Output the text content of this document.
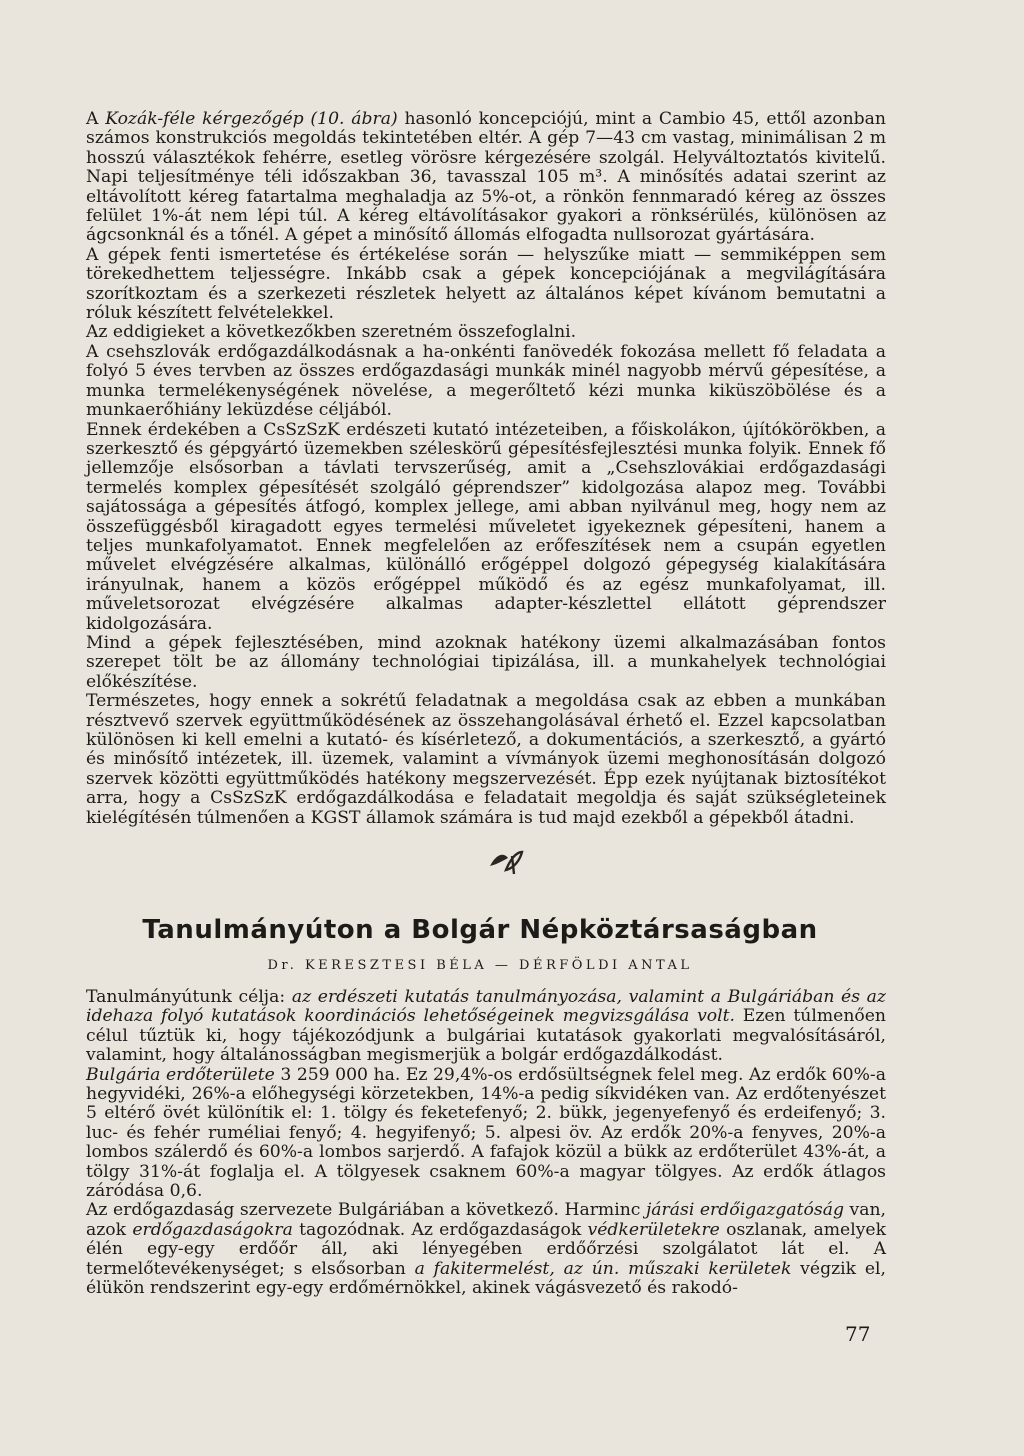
A Kozák-féle kérgezőgép (10. ábra) hasonló koncepciójú, mint a Cambio 45, ettől azonban számos konstrukciós megoldás tekintetében eltér. A gép 7—43 cm vastag, minimálisan 2 m hosszú választékok fehérre, esetleg vörösre kérgezésére szolgál. Helyváltoztatós kivitelű. Napi teljesítménye téli időszakban 36, tavasszal 105 m³. A minősítés adatai szerint az eltávolított kéreg fatartalma meghaladja az 5%-ot, a rönkön fennmaradó kéreg az összes felület 1%-át nem lépi túl. A kéreg eltávolításakor gyakori a rönksérülés, különösen az ágcsonknál és a tőnél. A gépet a minősítő állomás elfogadta nullsorozat gyártására.

A gépek fenti ismertetése és értékelése során — helyszűke miatt — semmiképpen sem törekedhettem teljességre. Inkább csak a gépek koncepciójának a megvilágítására szorítkoztam és a szerkezeti részletek helyett az általános képet kívánom bemutatni a róluk készített felvételekkel.

Az eddigieket a következőkben szeretném összefoglalni.

A csehszlovák erdőgazdálkodásnak a ha-onkénti fanövedék fokozása mellett fő feladata a folyó 5 éves tervben az összes erdőgazdasági munkák minél nagyobb mérvű gépesítése, a munka termelékenységének növelése, a megerőltető kézi munka kiküszöbölése és a munkaerőhiány leküzdése céljából.

Ennek érdekében a CsSzSzK erdészeti kutató intézeteiben, a főiskolákon, újítókörökben, a szerkesztő és gépgyártó üzemekben széleskörű gépesítésfejlesztési munka folyik. Ennek fő jellemzője elsősorban a távlati tervszerűség, amit a „Csehszlovákiai erdőgazdasági termelés komplex gépesítését szolgáló géprendszer” kidolgozása alapoz meg. További sajátossága a gépesítés átfogó, komplex jellege, ami abban nyilvánul meg, hogy nem az összefüggésből kiragadott egyes termelési műveletet igyekeznek gépesíteni, hanem a teljes munkafolyamatot. Ennek megfelelően az erőfeszítések nem a csupán egyetlen művelet elvégzésére alkalmas, különálló erőgéppel dolgozó gépegység kialakítására irányulnak, hanem a közös erőgéppel működő és az egész munkafolyamat, ill. műveletsorozat elvégzésére alkalmas adapter-készlettel ellátott géprendszer kidolgozására.

Mind a gépek fejlesztésében, mind azoknak hatékony üzemi alkalmazásában fontos szerepet tölt be az állomány technológiai tipizálása, ill. a munkahelyek technológiai előkészítése.

Természetes, hogy ennek a sokrétű feladatnak a megoldása csak az ebben a munkában résztvevő szervek együttműködésének az összehangolásával érhető el. Ezzel kapcsolatban különösen ki kell emelni a kutató- és kísérletező, a dokumentációs, a szerkesztő, a gyártó és minősítő intézetek, ill. üzemek, valamint a vívmányok üzemi meghonosításán dolgozó szervek közötti együttműködés hatékony megszervezését. Épp ezek nyújtanak biztosítékot arra, hogy a CsSzSzK erdőgazdálkodása e feladatait megoldja és saját szükségleteinek kielégítésén túlmenően a KGST államok számára is tud majd ezekből a gépekből átadni.

Tanulmányúton a Bolgár Népköztársaságban
Dr. KERESZTESI BÉLA — DÉRFÖLDI ANTAL

Tanulmányútunk célja: az erdészeti kutatás tanulmányozása, valamint a Bulgáriában és az idehaza folyó kutatások koordinációs lehetőségeinek megvizsgálása volt. Ezen túlmenően célul tűztük ki, hogy tájékozódjunk a bulgáriai kutatások gyakorlati megvalósításáról, valamint, hogy általánosságban megismerjük a bolgár erdőgazdálkodást.

Bulgária erdőterülete 3 259 000 ha. Ez 29,4%-os erdősültségnek felel meg. Az erdők 60%-a hegyvidéki, 26%-a előhegységi körzetekben, 14%-a pedig síkvidéken van. Az erdőtenyészet 5 eltérő övét különítik el: 1. tölgy és feketefenyő; 2. bükk, jegenyefenyő és erdeifenyő; 3. luc- és fehér ruméliai fenyő; 4. hegyifenyő; 5. alpesi öv. Az erdők 20%-a fenyves, 20%-a lombos szálerdő és 60%-a lombos sarjerdő. A fafajok közül a bükk az erdőterület 43%-át, a tölgy 31%-át foglalja el. A tölgyesek csaknem 60%-a magyar tölgyes. Az erdők átlagos záródása 0,6.

Az erdőgazdaság szervezete Bulgáriában a következő. Harminc járási erdőigazgatóság van, azok erdőgazdaságokra tagozódnak. Az erdőgazdaságok védkerületekre oszlanak, amelyek élén egy-egy erdőőr áll, aki lényegében erdőőrzési szolgálatot lát el. A termelőtevékenységet; s elsősorban a fakitermelést, az ún. műszaki kerületek végzik el, élükön rendszerint egy-egy erdőmérnökkel, akinek vágásvezető és rakodó-

77
